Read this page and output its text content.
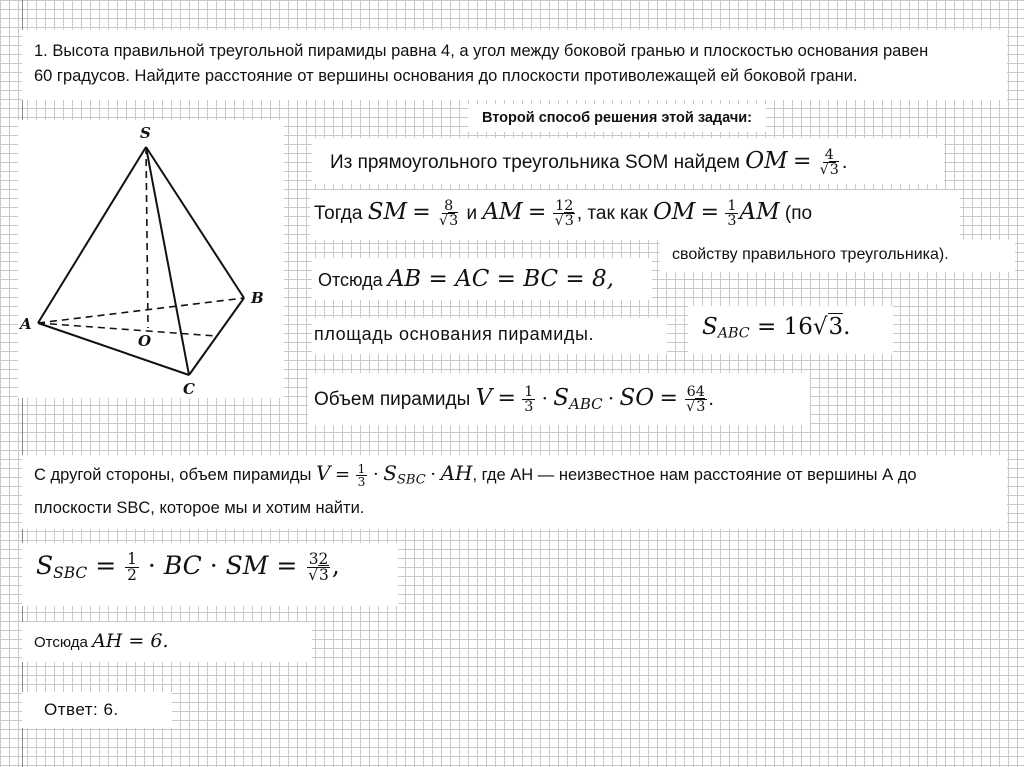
1. Высота правильной треугольной пирамиды равна 4, а угол между боковой гранью и плоскостью основания равен
60 градусов. Найдите расстояние от вершины основания до плоскости противолежащей ей боковой грани.

Второй способ решения этой задачи:
S
A
B
C
O
Из прямоугольного треугольника SOM найдем OM = $\frac{4}{√3}$ .
Тогда SM = $\frac{8}{√3}$ и AM = $\frac{12}{√3}$ , так как OM = $\frac{1}{3}$ AM (по
свойству правильного треугольника).
Отсюда AB = AC = BC = 8,
площадь основания пирамиды.	$S_{ABC} = 16√3$.
Объем пирамиды $V = \frac{1}{3} \cdot S_{ABC}$ · SO = $\frac{64}{√3}$ .
С другой стороны, объем пирамиды $V = \frac{1}{3} \cdot S_{SBC}$ · AH, где AH — неизвестное нам расстояние от вершины А до
плоскости SBC, которое мы и хотим найти.
$S_{SBC} = \frac{1}{2}$ · BC · SM = $\frac{32}{√3}$ ,
Отсюда AH = 6.
Ответ: 6.
